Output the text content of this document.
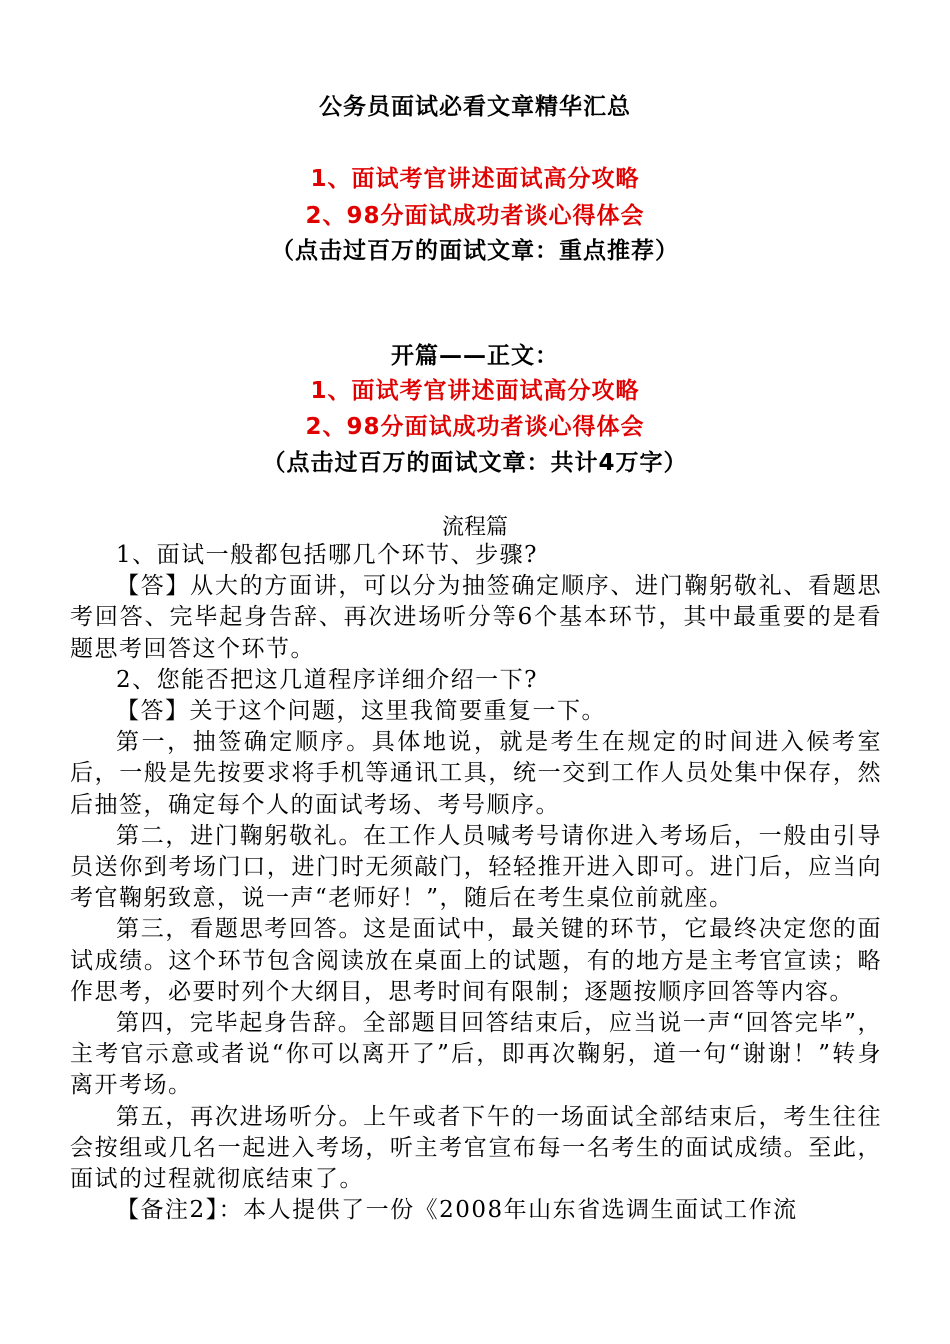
公务员面试必看文章精华汇总
1、面试考官讲述面试高分攻略
2、98分面试成功者谈心得体会
（点击过百万的面试文章：重点推荐）
开篇——正文：
1、面试考官讲述面试高分攻略
2、98分面试成功者谈心得体会
（点击过百万的面试文章：共计4万字）
流程篇

1、面试一般都包括哪几个环节、步骤?

【答】从大的方面讲，可以分为抽签确定顺序、进门鞠躬敬礼、看题思考回答、完毕起身告辞、再次进场听分等6个基本环节，其中最重要的是看题思考回答这个环节。

2、您能否把这几道程序详细介绍一下?

【答】关于这个问题，这里我简要重复一下。

第一，抽签确定顺序。具体地说，就是考生在规定的时间进入候考室后，一般是先按要求将手机等通讯工具，统一交到工作人员处集中保存，然后抽签，确定每个人的面试考场、考号顺序。

第二，进门鞠躬敬礼。在工作人员喊考号请你进入考场后，一般由引导员送你到考场门口，进门时无须敲门，轻轻推开进入即可。进门后，应当向考官鞠躬致意，说一声“老师好！”，随后在考生桌位前就座。

第三，看题思考回答。这是面试中，最关键的环节，它最终决定您的面试成绩。这个环节包含阅读放在桌面上的试题，有的地方是主考官宣读；略作思考，必要时列个大纲目，思考时间有限制；逐题按顺序回答等内容。

第四，完毕起身告辞。全部题目回答结束后，应当说一声“回答完毕”，主考官示意或者说“你可以离开了”后，即再次鞠躬，道一句“谢谢！”转身离开考场。

第五，再次进场听分。上午或者下午的一场面试全部结束后，考生往往会按组或几名一起进入考场，听主考官宣布每一名考生的面试成绩。至此，面试的过程就彻底结束了。

【备注2】：本人提供了一份《2008年山东省选调生面试工作流
